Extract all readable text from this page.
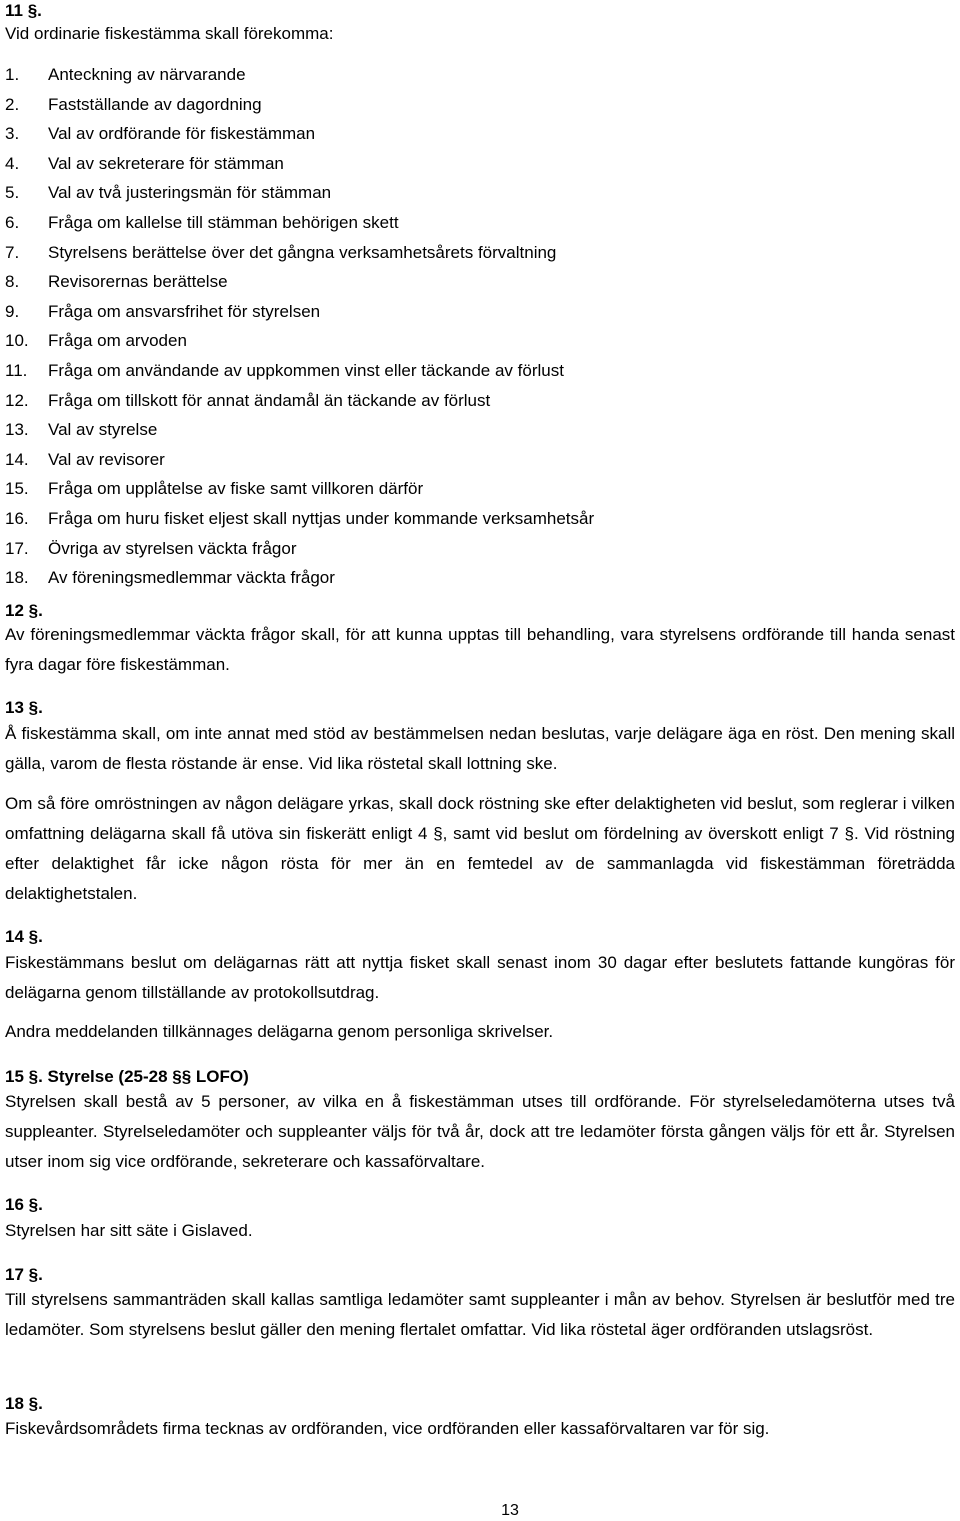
11 §.

Vid ordinarie fiskestämma skall förekomma:

1.	Anteckning av närvarande
2.	Fastställande av dagordning
3.	Val av ordförande för fiskestämman
4.	Val av sekreterare för stämman
5.	Val av två justeringsmän för stämman
6.	Fråga om kallelse till stämman behörigen skett
7.	Styrelsens berättelse över det gångna verksamhetsårets förvaltning
8.	Revisorernas berättelse
9.	Fråga om ansvarsfrihet för styrelsen
10.	Fråga om arvoden
11.	Fråga om användande av uppkommen vinst eller täckande av förlust
12.	Fråga om tillskott för annat ändamål än täckande av förlust
13.	Val av styrelse
14.	Val av revisorer
15.	Fråga om upplåtelse av fiske samt villkoren därför
16.	Fråga om huru fisket eljest skall nyttjas under kommande verksamhetsår
17.	Övriga av styrelsen väckta frågor
18.	Av föreningsmedlemmar väckta frågor

12 §.

Av föreningsmedlemmar väckta frågor skall, för att kunna upptas till behandling, vara styrelsens ordförande till handa senast fyra dagar före fiskestämman.

13 §.

Å fiskestämma skall, om inte annat med stöd av bestämmelsen nedan beslutas, varje delägare äga en röst. Den mening skall gälla, varom de flesta röstande är ense. Vid lika röstetal skall lottning ske.

Om så före omröstningen av någon delägare yrkas, skall dock röstning ske efter delaktigheten vid beslut, som reglerar i vilken omfattning delägarna skall få utöva sin fiskerätt enligt 4 §, samt vid beslut om fördelning av överskott enligt 7 §. Vid röstning efter delaktighet får icke någon rösta för mer än en femtedel av de sammanlagda vid fiskestämman företrädda delaktighetstalen.

14 §.

Fiskestämmans beslut om delägarnas rätt att nyttja fisket skall senast inom 30 dagar efter beslutets fattande kungöras för delägarna genom tillställande av protokollsutdrag.

Andra meddelanden tillkännages delägarna genom personliga skrivelser.

15 §. Styrelse (25-28 §§ LOFO)

Styrelsen skall bestå av 5 personer, av vilka en å fiskestämman utses till ordförande. För styrelseledamöterna utses två suppleanter. Styrelseledamöter och suppleanter väljs för två år, dock att tre ledamöter första gången väljs för ett år. Styrelsen utser inom sig vice ordförande, sekreterare och kassaförvaltare.

16 §.

Styrelsen har sitt säte i Gislaved.

17 §.

Till styrelsens sammanträden skall kallas samtliga ledamöter samt suppleanter i mån av behov. Styrelsen är beslutför med tre ledamöter. Som styrelsens beslut gäller den mening flertalet omfattar. Vid lika röstetal äger ordföranden utslagsröst.

18 §.

Fiskevårdsområdets firma tecknas av ordföranden, vice ordföranden eller kassaförvaltaren var för sig.

13
